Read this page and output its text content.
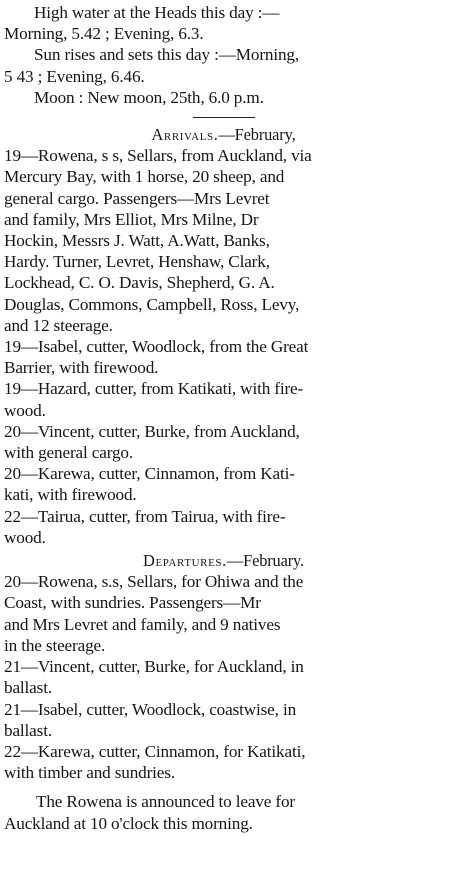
High water at the Heads this day :—
Morning, 5.42 ; Evening, 6.3.
Sun rises and sets this day :—Morning,
5 43 ; Evening, 6.46.
Moon : New moon, 25th, 6.0 p.m.
Arrivals.—February,
19—Rowena, s s, Sellars, from Auckland, via
Mercury Bay, with 1 horse, 20 sheep, and
general cargo. Passengers—Mrs Levret
and family, Mrs Elliot, Mrs Milne, Dr
Hockin, Messrs J. Watt, A.Watt, Banks,
Hardy. Turner, Levret, Henshaw, Clark,
Lockhead, C. O. Davis, Shepherd, G. A.
Douglas, Commons, Campbell, Ross, Levy,
and 12 steerage.
19—Isabel, cutter, Woodlock, from the Great
Barrier, with firewood.
19—Hazard, cutter, from Katikati, with fire-
wood.
20—Vincent, cutter, Burke, from Auckland,
with general cargo.
20—Karewa, cutter, Cinnamon, from Kati-
kati, with firewood.
22—Tairua, cutter, from Tairua, with fire-
wood.
Departures.—February.
20—Rowena, s.s, Sellars, for Ohiwa and the
Coast, with sundries. Passengers—Mr
and Mrs Levret and family, and 9 natives
in the steerage.
21—Vincent, cutter, Burke, for Auckland, in
ballast.
21—Isabel, cutter, Woodlock, coastwise, in
ballast.
22—Karewa, cutter, Cinnamon, for Katikati,
with timber and sundries.
The Rowena is announced to leave for
Auckland at 10 o'clock this morning.
